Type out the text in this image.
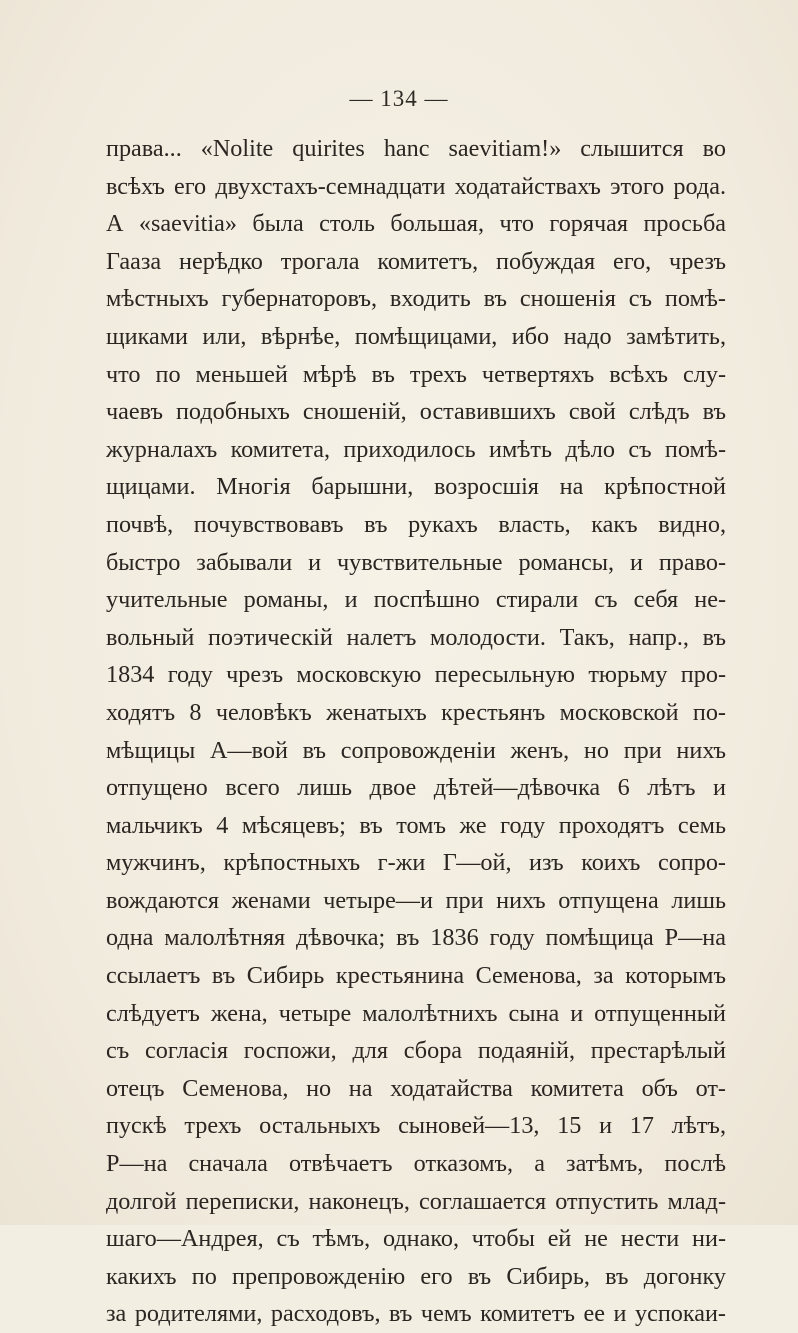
— 134 —
права... «Nolite quirites hanc saevitiam!» слышится во
всѣхъ его двухстахъ-семнадцати ходатайствахъ этого рода.
А «saevitia» была столь большая, что горячая просьба
Гааза нерѣдко трогала комитетъ, побуждая его, чрезъ
мѣстныхъ губернаторовъ, входить въ сношенія съ помѣ-
щиками или, вѣрнѣе, помѣщицами, ибо надо замѣтить,
что по меньшей мѣрѣ въ трехъ четвертяхъ всѣхъ слу-
чаевъ подобныхъ сношеній, оставившихъ свой слѣдъ въ
журналахъ комитета, приходилось имѣть дѣло съ помѣ-
щицами. Многія барышни, возросшія на крѣпостной
почвѣ, почувствовавъ въ рукахъ власть, какъ видно,
быстро забывали и чувствительные романсы, и право-
учительные романы, и поспѣшно стирали съ себя не-
вольный поэтическій налетъ молодости. Такъ, напр., въ
1834 году чрезъ московскую пересыльную тюрьму про-
ходятъ 8 человѣкъ женатыхъ крестьянъ московской по-
мѣщицы А—вой въ сопровожденіи женъ, но при нихъ
отпущено всего лишь двое дѣтей—дѣвочка 6 лѣтъ и
мальчикъ 4 мѣсяцевъ; въ томъ же году проходятъ семь
мужчинъ, крѣпостныхъ г-жи Г—ой, изъ коихъ сопро-
вождаются женами четыре—и при нихъ отпущена лишь
одна малолѣтняя дѣвочка; въ 1836 году помѣщица Р—на
ссылаетъ въ Сибирь крестьянина Семенова, за которымъ
слѣдуетъ жена, четыре малолѣтнихъ сына и отпущенный
съ согласія госпожи, для сбора подаяній, престарѣлый
отецъ Семенова, но на ходатайства комитета объ от-
пускѣ трехъ остальныхъ сыновей—13, 15 и 17 лѣтъ,
Р—на сначала отвѣчаетъ отказомъ, а затѣмъ, послѣ
долгой переписки, наконецъ, соглашается отпустить млад-
шаго—Андрея, съ тѣмъ, однако, чтобы ей не нести ни-
какихъ по препровожденію его въ Сибирь, въ догонку
за родителями, расходовъ, въ чемъ комитетъ ее и успокаи-
